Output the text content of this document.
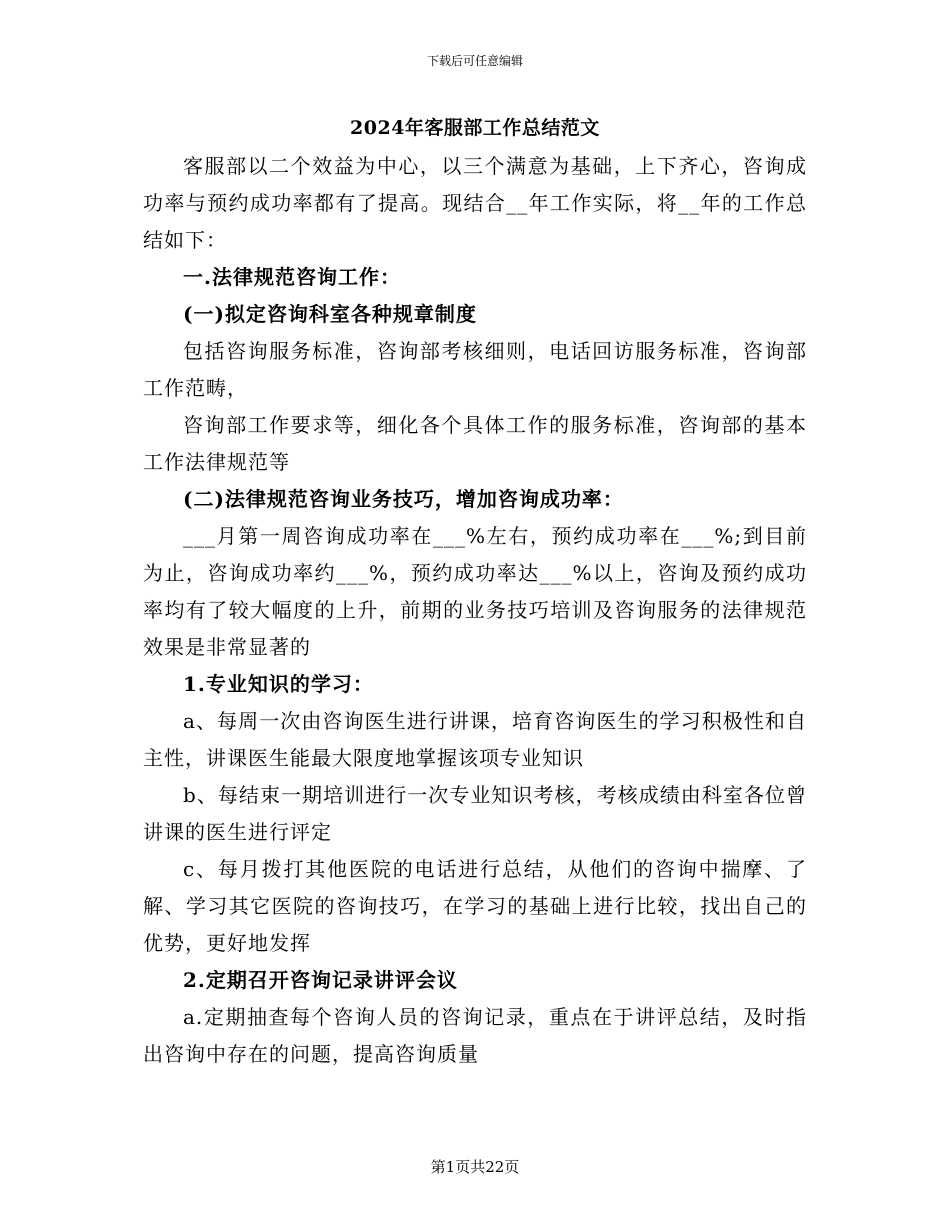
下载后可任意编辑
2024年客服部工作总结范文

客服部以二个效益为中心，以三个满意为基础，上下齐心，咨询成功率与预约成功率都有了提高。现结合__年工作实际，将__年的工作总结如下：

一.法律规范咨询工作：

(一)拟定咨询科室各种规章制度

包括咨询服务标准，咨询部考核细则，电话回访服务标准，咨询部工作范畴，

咨询部工作要求等，细化各个具体工作的服务标准，咨询部的基本工作法律规范等

(二)法律规范咨询业务技巧，增加咨询成功率：

___月第一周咨询成功率在___%左右，预约成功率在___%;到目前为止，咨询成功率约___%，预约成功率达___%以上，咨询及预约成功率均有了较大幅度的上升，前期的业务技巧培训及咨询服务的法律规范效果是非常显著的

1.专业知识的学习：

a、每周一次由咨询医生进行讲课，培育咨询医生的学习积极性和自主性，讲课医生能最大限度地掌握该项专业知识

b、每结束一期培训进行一次专业知识考核，考核成绩由科室各位曾讲课的医生进行评定

c、每月拨打其他医院的电话进行总结，从他们的咨询中揣摩、了解、学习其它医院的咨询技巧，在学习的基础上进行比较，找出自己的优势，更好地发挥

2.定期召开咨询记录讲评会议

a.定期抽查每个咨询人员的咨询记录，重点在于讲评总结，及时指出咨询中存在的问题，提高咨询质量

第1页共22页
